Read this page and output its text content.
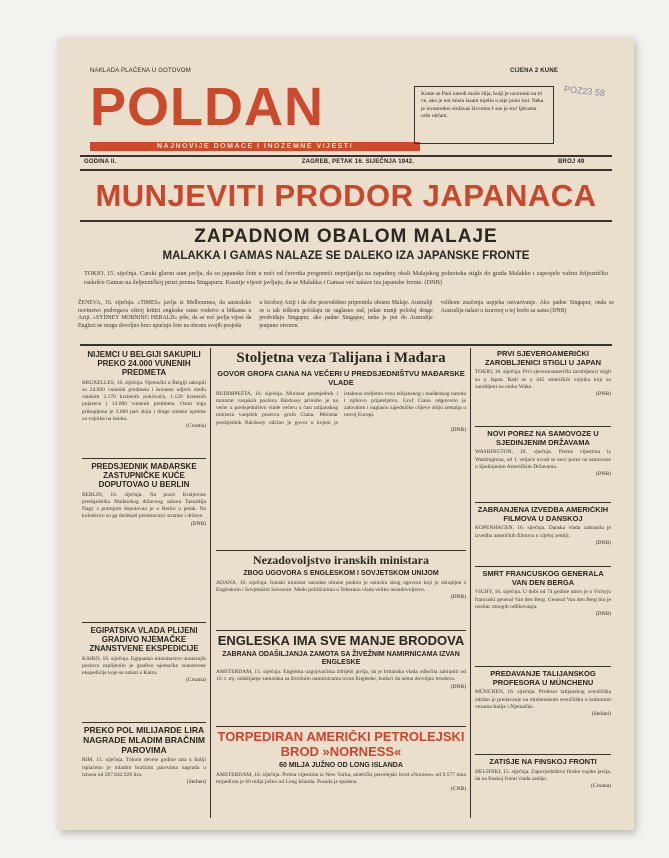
NAKLADA PLAĆENA U GOTOVOM	CIJENA 2 KUNE
POLDAN
NAJNOVIJE DOMAĆE I INOZEMNE VIJESTI
Kome se Pani naređi može šilja, bolji je uzornom na tri ve, ako je nol mistu lasam mjello u nije joino tiol. Neka je izvanredno slufavas živvamo I sne je sto! ljdvama urže občani.
POZ23 58
GODINA II.	ZAGREB, PETAK 16. SIJEČNJA 1942.	BROJ 49
MUNJEVITI PRODOR JAPANACA
ZAPADNOM OBALOM MALAJE
MALAKKA I GAMAS NALAZE SE DALEKO IZA JAPANSKE FRONTE
TOKIO, 15. siječnja. Carski glavni stan javlja, da su japanske čete u noći od četvrtka progoneći neprijatelja na zapadnoj obali Malajskog poluotoka stigle do grada Malakke i zaposjele važno željezničko raskršće Gamas na željezničkoj pruzi prema Singapuru. Kasnije vijesti javljaju, da se Malakka i Gamas već nalaze iza japanske fronte. (DNB)
ŽENEVA, 16. siječnja. »TIMES« javlja iz Melbournea, da australsko novinstvo podvrgava oštroj kritici engleske ratne vodstvo u bitkama u Aziji. »SYDNEY MORNING HERALD« piše, da se već javlja vijest da Englezi ne mogu dovoljno brzo upućuju čete na obranu svojih posjeda
u Istočnoj Aziji i da obe pravodobno pripremila obranu Malaje. Australiji se u tak teškom položaju ne saglasno rad, jedan manji položaj druge predviđaju Singapur, ako padne Singapur, neka je put do Australije potpuno otvoren.
velikom značenju uspjeha ostvarivanje. Ako padne Singapur, onda se Australija nalazi u izravnoj u tej borbi za sama (DNB)
NIJEMCI U BELGIJI SAKUPILI PREKO 24.000 VUNENIH PREDMETA
BRUXELLES, 16. siječnja. Njemački u Belgiji sakupili su 24.000 vunenih predmeta i krznene odjeće među ostalom 2.170 krznenih pokrivača, 1.120 krznenih pojaseva i 14.000 vunenih predmeta. Osim toga prikupljeno je 3.600 pari skija i druge zimske opreme za vojnike na istoku.
(Croatia)
PREDSJEDNIK MAĐARSKE ZASTUPNIČKE KUĆE DOPUTOVAO U BERLIN
BERLIN, 16. siječnja. Na poziv Kraljevine predsjednika Mađarskog državnog sabora Tasnádija Nagy s pratnjom doputovao je u Berlin u petak. Na kolodvoru su ga dočekali predstavnici stranke i države.
(DNB)
EGIPATSKA VLADA PLIJENI GRADIVO NJEMAČKE ZNANSTVENE EKSPEDICIJE
KAIRO, 16. siječnja. Egipatsko ministarstvo unutarnjih poslova zaplijenilo je gradivo njemačke znanstvene ekspedicije koje se nalazi u Kairu.
(Croatia)
PREKO POL MILIJARDE LIRA NAGRADE MLADIM BRAČNIM PAROVIMA
RIM, 15. siječnja. Tokom devete godine rata u Italiji isplaćeno je mladim bračnim parovima nagrada u iznosu od 587.642.928 lira.
(Stefani)
Stoljetna veza Talijana i Mađara
GOVOR GROFA CIANA NA VEČERI U PREDSJEDNIŠTVU MAĐARSKE VLADE
BUDIMPEŠTA, 16. siječnja. Ministar predsjednik i ministar vanjskih poslova Bárdossy priredio je na večer u predsjedništvu vlade večeru u čast talijanskog ministra vanjskih poslova grofa Ciana. Ministar predsjednik Bárdossy održao je govor u kojem je istaknuo stoljetnu vezu talijanskog i mađarskog naroda i njihovo prijateljstvo. Grof Ciano odgovorio je zahvalom i naglasio zajedničke ciljeve obiju zemalja u novoj Europi.
(DNB)
Nezadovoljstvo iranskih ministara
ZBOG UGOVORA S ENGLESKOM I SOVJETSKOM UNIJOM
ADANA, 16. siječnja. Iranski ministar narodne obrane podnio je ostavku zbog ugovora koji je sklopljen s Engleskom i Sovjetskim Savezom. Među političarima u Teheranu vlada veliko nezadovoljstvo.
(DNB)
ENGLESKA IMA SVE MANJE BRODOVA
ZABRANA ODAŠILJANJA ZAMOTA SA ŽIVEŽNIM NAMIRNICAMA IZVAN ENGLESKE
AMSTERDAM, 15. siječnja. Engleska uzgojivačima ždrijebi javlja, da je britanska vlada odlučila zabraniti od 16. t. mj. odašiljanje zamotaka sa živežnim namirnicama izvan Engleske, budući da nema dovoljno brodova.
(DNB)
TORPEDIRAN AMERIČKI PETROLEJSKI BROD »NORNESS«
60 MILJA JUŽNO OD LONG ISLANDA
AMSTERDAM, 16. siječnja. Prema vijestima iz New Yorka, američki petrolejski brod »Norness« od 9.577 tona torpediran je 60 milja južno od Long Islanda. Posada je spašena.
(CNB)
PRVI SJEVEROAMERIČKI ZAROBLJENICI STIGLI U JAPAN
TOKIO, 16. siječnja. Prvi sjevernoamerički zarobljenici stigli su u Japan. Radi se o 445 američkih vojnika koji su zarobljeni na otoku Wake.
(DNB)
NOVI POREZ NA SAMOVOZE U SJEDINJENIM DRŽAVAMA
WASHINGTON, 16. siječnja. Prema vijestima iz Washingtona, od 1. veljače uvodi se novi porez na samovoze u Sjedinjenim Američkim Državama.
(DNB)
ZABRANJENA IZVEDBA AMERIČKIH FILMOVA U DANSKOJ
KOPENHAGEN, 16. siječnja. Danska vlada zabranila je izvedbu američkih filmova u cijeloj zemlji.
(DNB)
SMRT FRANCUSKOG GENERALA VAN DEN BERGA
VICHY, 16. siječnja. U dobi od 74 godine umro je u Vichyju francuski general Van den Berg. General Van den Berg bio je nosilac mnogih odlikovanja.
(DNB)
PREDAVANJE TALIJANSKOG PROFESORA U MÜNCHENU
MÜNCHEN, 16. siječnja. Profesor talijanskog sveučilišta održao je predavanje na minhenskom sveučilištu o kulturnim vezama Italije i Njemačke.
(Stefani)
ZATIŠJE NA FINSKOJ FRONTI
HELSINKI, 15. siječnja. Zapovjedništvo finske vojske javlja, da na finskoj fronti vlada zatišje.
(Croatia)
